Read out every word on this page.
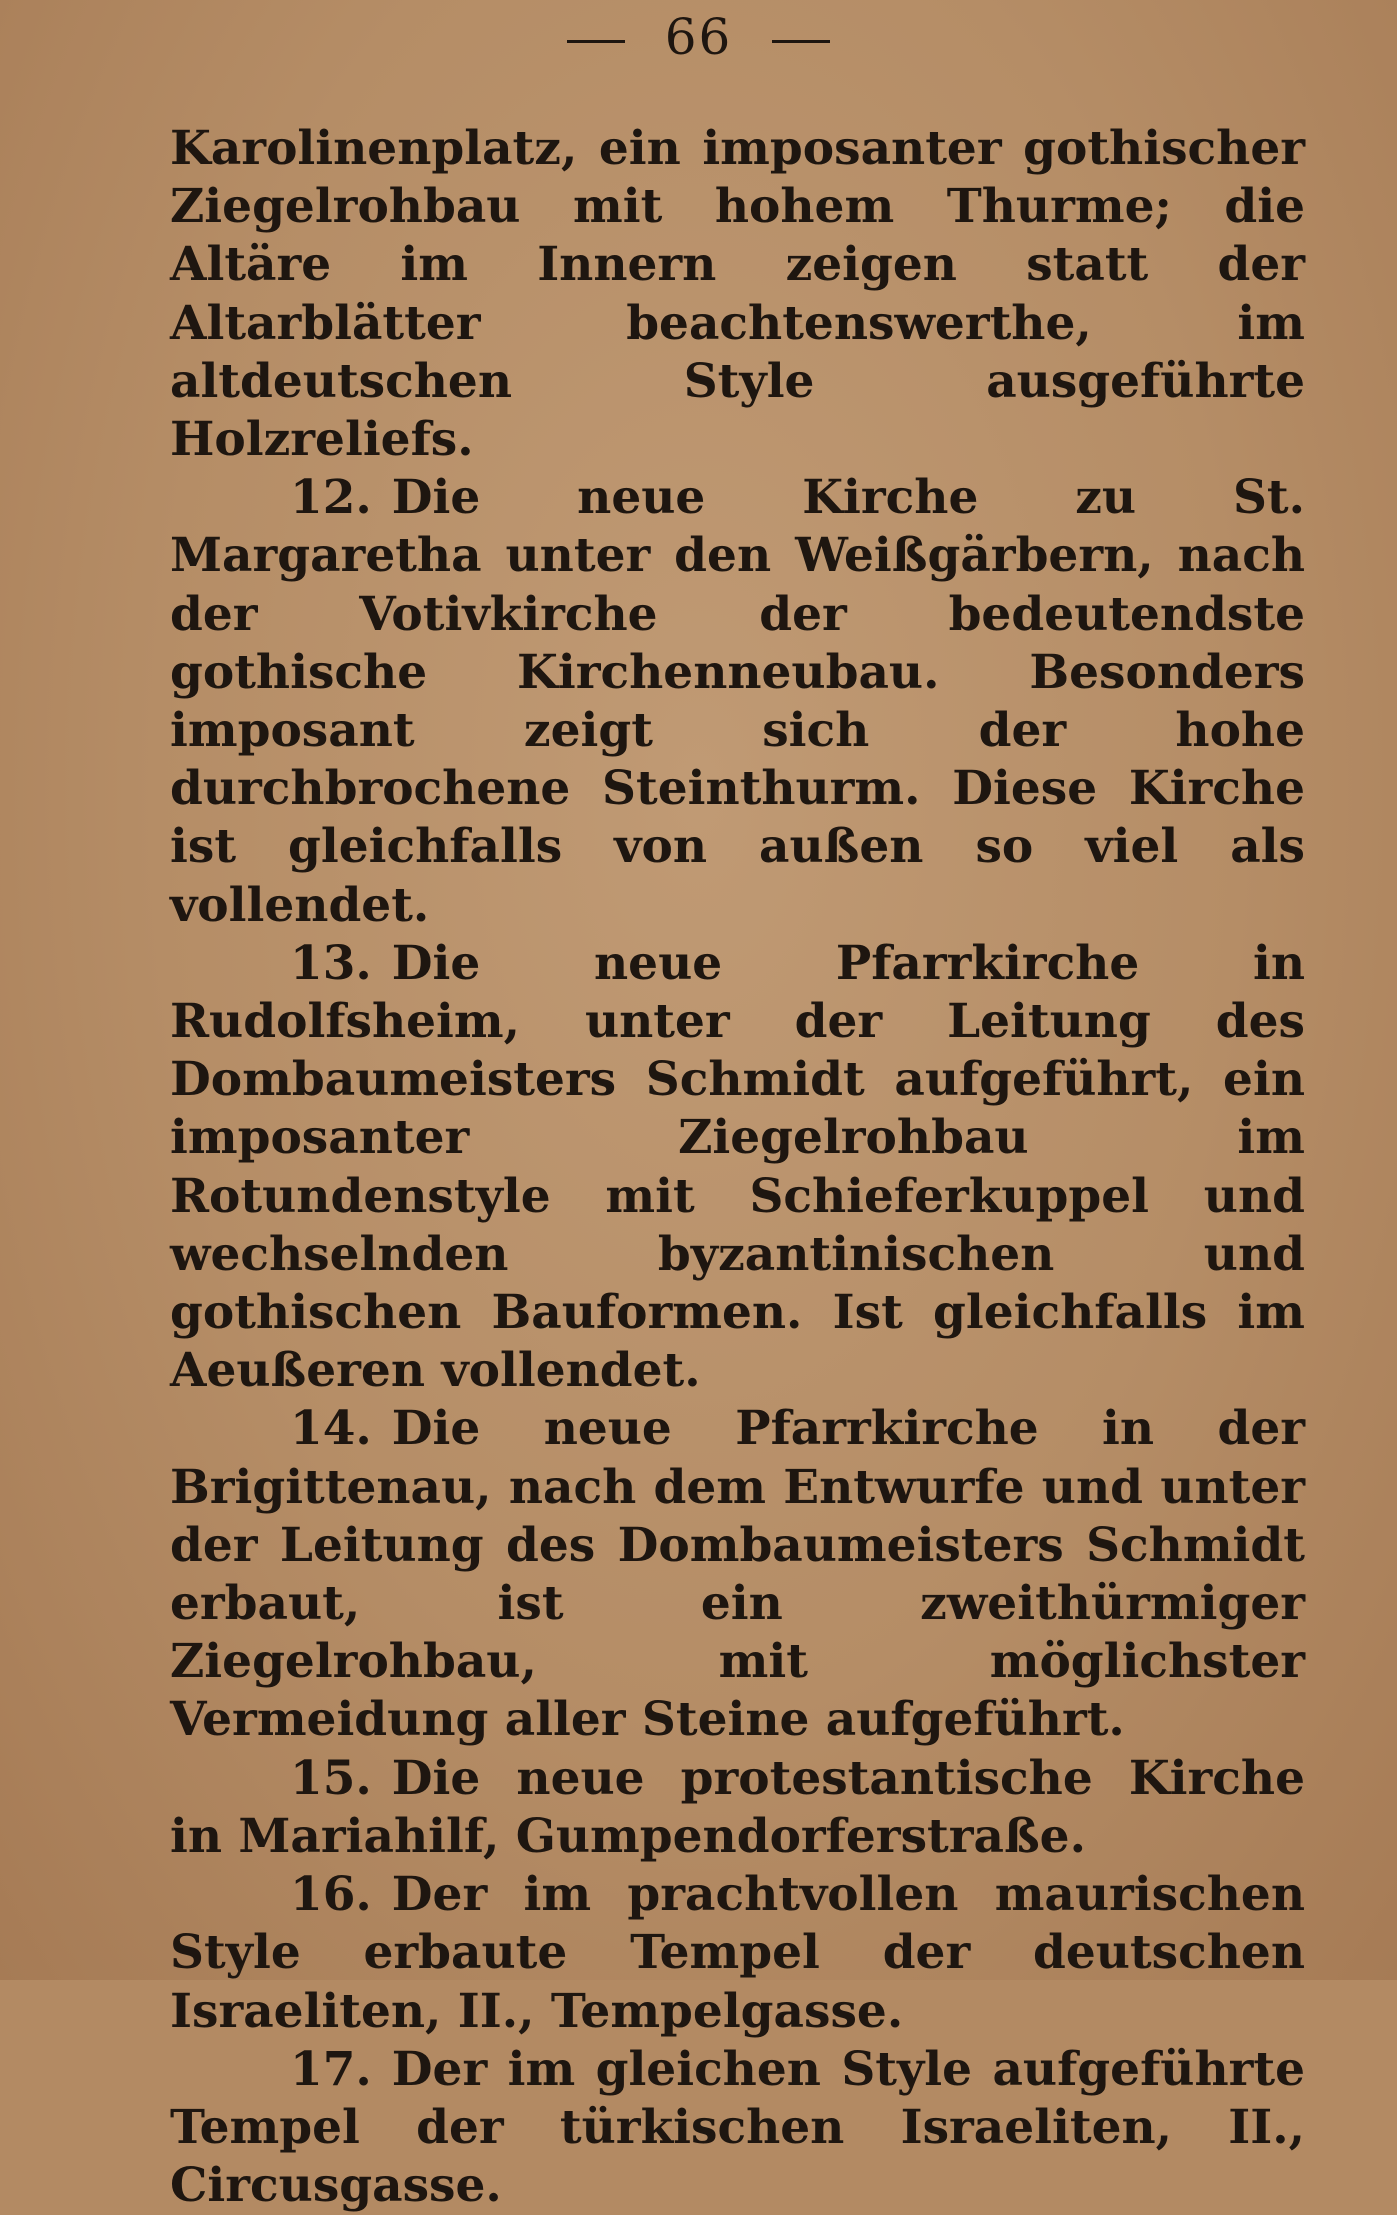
66

Karolinenplatz, ein imposanter gothischer Ziegelrohbau mit hohem Thurme; die Altäre im Innern zeigen statt der Altarblätter beachtenswerthe, im altdeutschen Style ausgeführte Holzreliefs.

12. Die neue Kirche zu St. Margaretha unter den Weißgärbern, nach der Votivkirche der bedeutendste gothische Kirchenneubau. Besonders imposant zeigt sich der hohe durchbrochene Steinthurm. Diese Kirche ist gleichfalls von außen so viel als vollendet.

13. Die neue Pfarrkirche in Rudolfsheim, unter der Leitung des Dombaumeisters Schmidt aufgeführt, ein imposanter Ziegelrohbau im Rotundenstyle mit Schieferkuppel und wechselnden byzantinischen und gothischen Bauformen. Ist gleichfalls im Aeußeren vollendet.

14. Die neue Pfarrkirche in der Brigittenau, nach dem Entwurfe und unter der Leitung des Dombaumeisters Schmidt erbaut, ist ein zweithürmiger Ziegelrohbau, mit möglichster Vermeidung aller Steine aufgeführt.

15. Die neue protestantische Kirche in Mariahilf, Gumpendorferstraße.

16. Der im prachtvollen maurischen Style erbaute Tempel der deutschen Israeliten, II., Tempelgasse.

17. Der im gleichen Style aufgeführte Tempel der türkischen Israeliten, II., Circusgasse.
